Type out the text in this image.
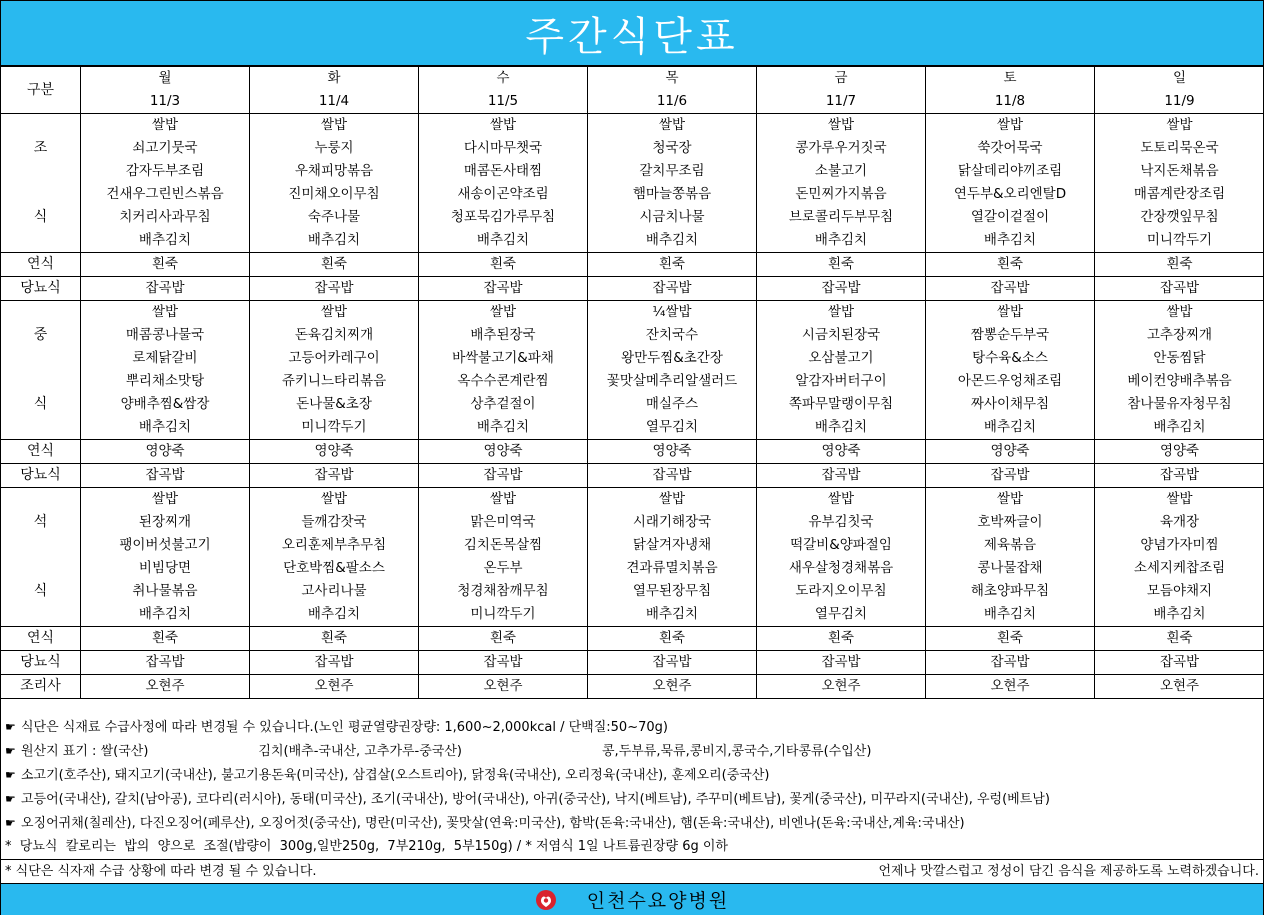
주간식단표
구분	월	화	수	목	금	토	일
	11/3	11/4	11/5	11/6	11/7	11/8	11/9
조	쌀밥	쌀밥	쌀밥	쌀밥	쌀밥	쌀밥	쌀밥
	쇠고기뭇국	누룽지	다시마무챗국	청국장	콩가루우거짓국	쑥갓어묵국	도토리묵온국
	감자두부조림	우채피망볶음	매콤돈사태찜	갈치무조림	소불고기	닭살데리야끼조림	낙지돈채볶음
식	건새우그린빈스볶음	진미채오이무침	새송이곤약조림	햄마늘쫑볶음	돈민찌가지볶음	연두부&오리엔탈D	매콤계란장조림
	치커리사과무침	숙주나물	청포묵김가루무침	시금치나물	브로콜리두부무침	열갈이겉절이	간장깻잎무침
	배추김치	배추김치	배추김치	배추김치	배추김치	배추김치	미니깍두기
연식	흰죽	흰죽	흰죽	흰죽	흰죽	흰죽	흰죽
당뇨식	잡곡밥	잡곡밥	잡곡밥	잡곡밥	잡곡밥	잡곡밥	잡곡밥
중	쌀밥	쌀밥	쌀밥	¼쌀밥	쌀밥	쌀밥	쌀밥
	매콤콩나물국	돈육김치찌개	배추된장국	잔치국수	시금치된장국	짬뽕순두부국	고추장찌개
	로제닭갈비	고등어카레구이	바싹불고기&파채	왕만두찜&초간장	오삼불고기	탕수육&소스	안동찜닭
식	뿌리채소맛탕	쥬키니느타리볶음	옥수수콘계란찜	꽃맛살메추리알샐러드	알감자버터구이	아몬드우엉채조림	베이컨양배추볶음
	양배추찜&쌈장	돈나물&초장	상추겉절이	매실주스	쪽파무말랭이무침	짜사이채무침	참나물유자청무침
	배추김치	미니깍두기	배추김치	열무김치	배추김치	배추김치	배추김치
연식	영양죽	영양죽	영양죽	영양죽	영양죽	영양죽	영양죽
당뇨식	잡곡밥	잡곡밥	잡곡밥	잡곡밥	잡곡밥	잡곡밥	잡곡밥
석	쌀밥	쌀밥	쌀밥	쌀밥	쌀밥	쌀밥	쌀밥
	된장찌개	들깨감잣국	맑은미역국	시래기해장국	유부김칫국	호박짜글이	육개장
	팽이버섯불고기	오리훈제부추무침	김치돈목살찜	닭살겨자냉채	떡갈비&양파절임	제육볶음	양념가자미찜
식	비빔당면	단호박찜&팔소스	온두부	견과류멸치볶음	새우살청경채볶음	콩나물잡채	소세지케찹조림
	취나물볶음	고사리나물	청경채참깨무침	열무된장무침	도라지오이무침	해초양파무침	모듬야채지
	배추김치	배추김치	미니깍두기	배추김치	열무김치	배추김치	배추김치
연식	흰죽	흰죽	흰죽	흰죽	흰죽	흰죽	흰죽
당뇨식	잡곡밥	잡곡밥	잡곡밥	잡곡밥	잡곡밥	잡곡밥	잡곡밥
조리사	오현주	오현주	오현주	오현주	오현주	오현주	오현주
☛ 식단은 식재료 수급사정에 따라 변경될 수 있습니다.(노인 평균열량권장량: 1,600~2,000kcal / 단백질:50~70g)
☛ 원산지 표기 : 쌀(국산)	김치(배추-국내산, 고추가루-중국산)	콩,두부류,묵류,콩비지,콩국수,기타콩류(수입산)
☛ 소고기(호주산), 돼지고기(국내산), 불고기용돈육(미국산), 삼겹살(오스트리아), 닭정육(국내산), 오리정육(국내산), 훈제오리(중국산)
☛ 고등어(국내산), 갈치(남아공), 코다리(러시아), 동태(미국산), 조기(국내산), 방어(국내산), 아귀(중국산), 낙지(베트남), 주꾸미(베트남), 꽃게(중국산), 미꾸라지(국내산), 우렁(베트남)
☛ 오징어귀채(칠레산), 다진오징어(페루산), 오징어젓(중국산), 명란(미국산), 꽃맛살(연육:미국산), 함박(돈육:국내산), 햄(돈육:국내산), 비엔나(돈육:국내산,계육:국내산)
*  당뇨식  칼로리는  밥의  양으로  조절(밥량이  300g,일반250g,  7부210g,  5부150g) / * 저염식 1일 나트륨권장량 6g 이하
* 식단은 식자재 수급 상황에 따라 변경 될 수 있습니다.	언제나 맛깔스럽고 정성이 담긴 음식을 제공하도록 노력하겠습니다.
인천수요양병원
